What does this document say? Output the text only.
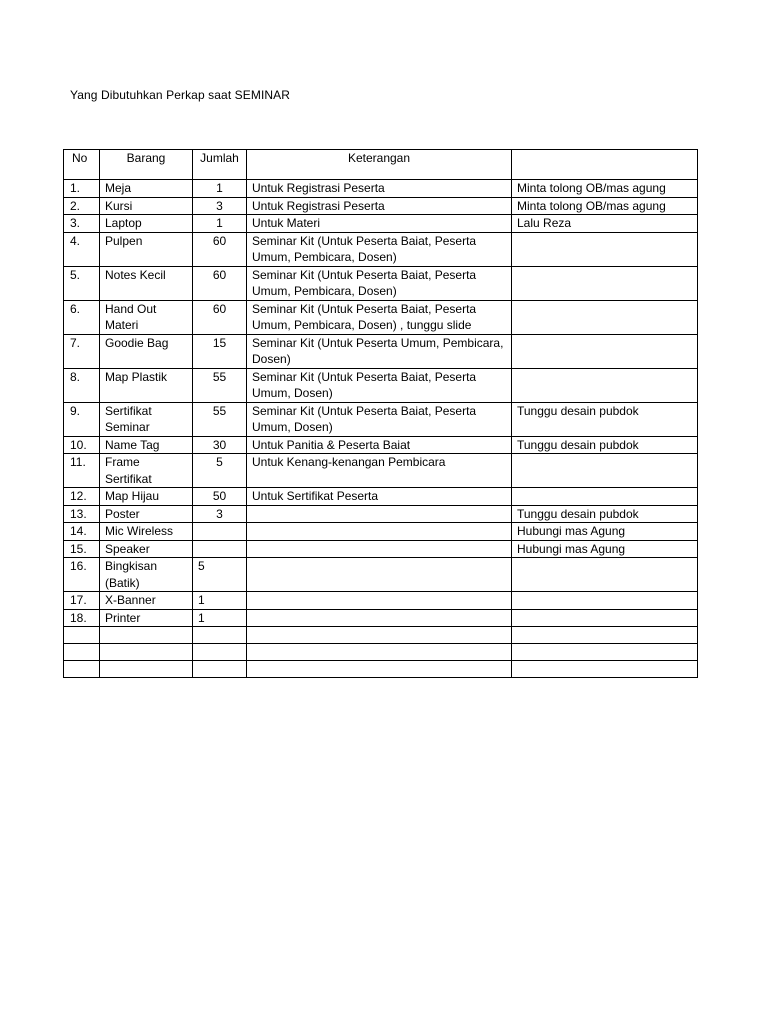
Yang Dibutuhkan Perkap saat SEMINAR
No	Barang	Jumlah	Keterangan	
1.	Meja	1	Untuk Registrasi Peserta	Minta tolong OB/mas agung
2.	Kursi	3	Untuk Registrasi Peserta	Minta tolong OB/mas agung
3.	Laptop	1	Untuk Materi	Lalu Reza
4.	Pulpen	60	Seminar Kit (Untuk Peserta Baiat, Peserta Umum, Pembicara, Dosen)	
5.	Notes Kecil	60	Seminar Kit (Untuk Peserta Baiat, Peserta Umum, Pembicara, Dosen)	
6.	Hand Out Materi	60	Seminar Kit (Untuk Peserta Baiat, Peserta Umum, Pembicara, Dosen) , tunggu slide	
7.	Goodie Bag	15	Seminar Kit (Untuk Peserta Umum, Pembicara, Dosen)	
8.	Map Plastik	55	Seminar Kit (Untuk Peserta Baiat, Peserta Umum, Dosen)	
9.	Sertifikat Seminar	55	Seminar Kit (Untuk Peserta Baiat, Peserta Umum, Dosen)	Tunggu desain pubdok
10.	Name Tag	30	Untuk Panitia & Peserta Baiat	Tunggu desain pubdok
11.	Frame Sertifikat	5	Untuk Kenang-kenangan Pembicara	
12.	Map Hijau	50	Untuk Sertifikat Peserta	
13.	Poster	3		Tunggu desain pubdok
14.	Mic Wireless			Hubungi mas Agung
15.	Speaker			Hubungi mas Agung
16.	Bingkisan (Batik)	5		
17.	X-Banner	1		
18.	Printer	1		
